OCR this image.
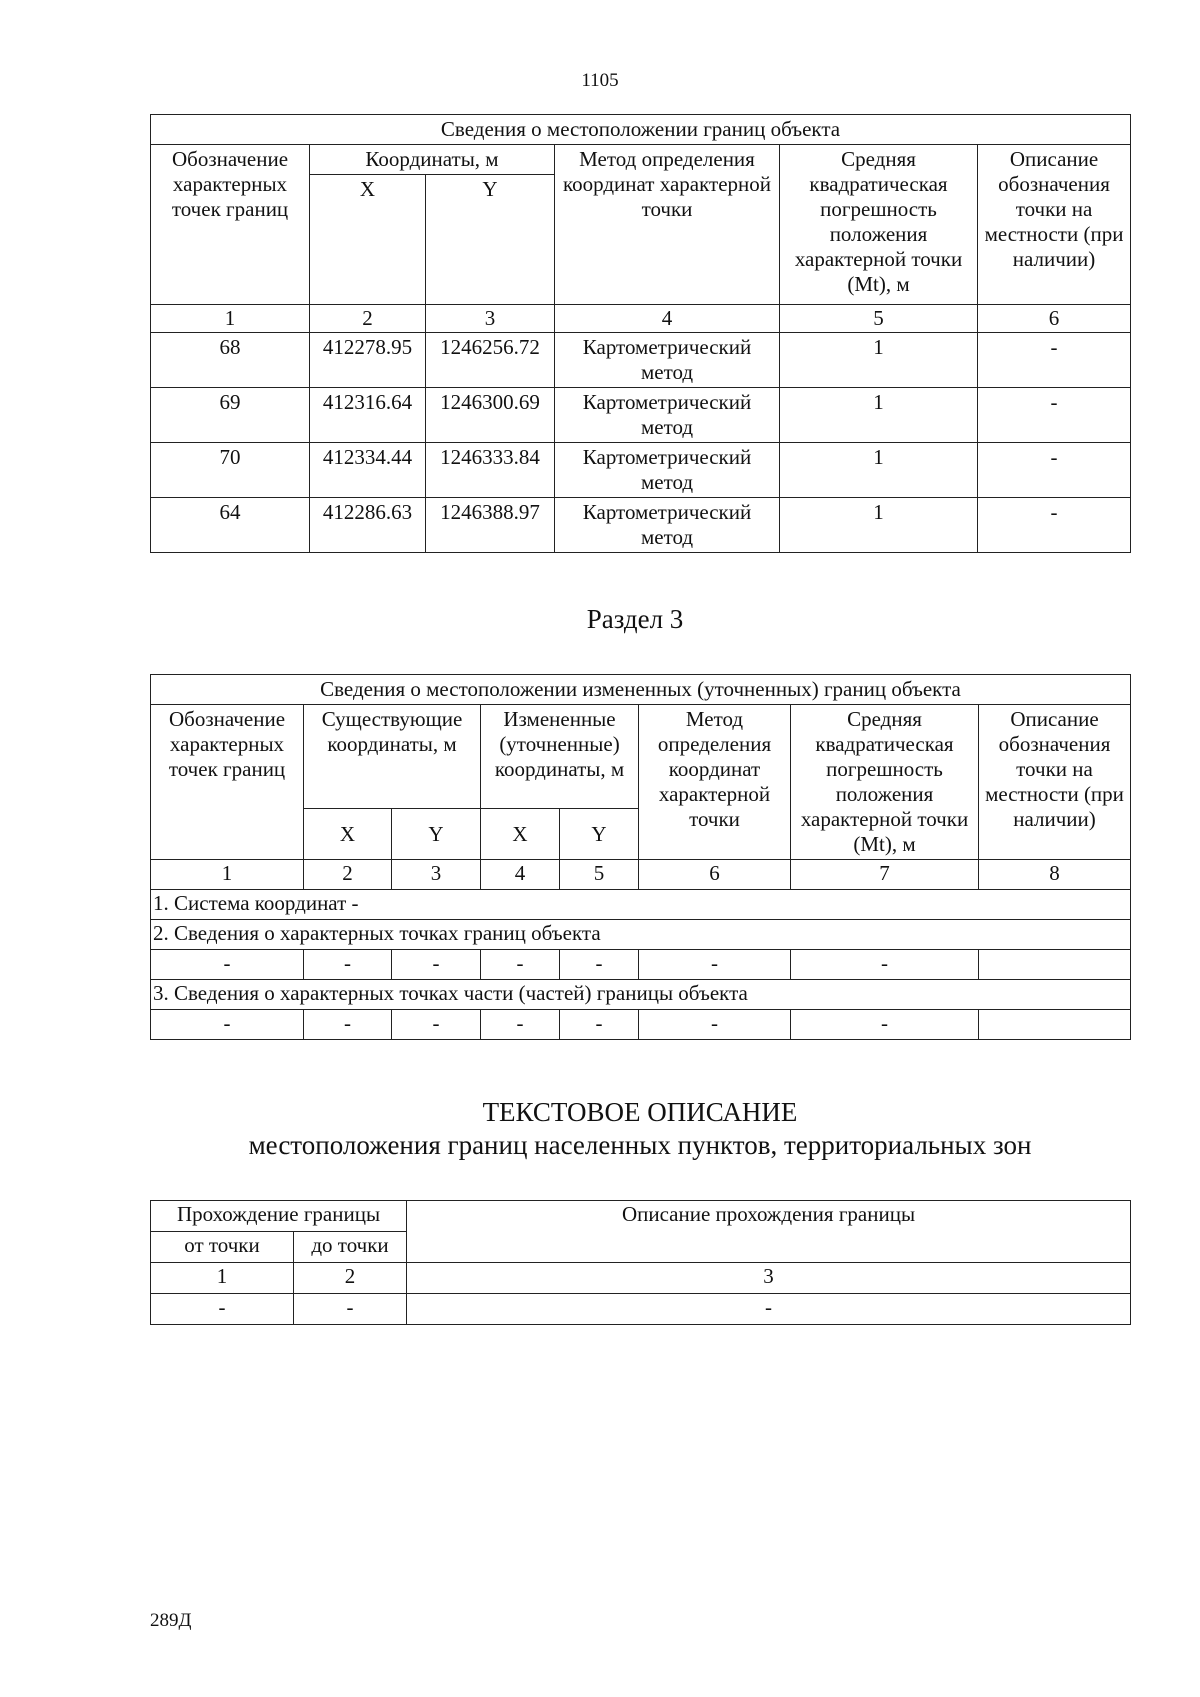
1105
Сведения о местоположении границ объекта					
Обозначение характерных точек границ	Координаты, м		Метод определения координат характерной точки	Средняя квадратическая погрешность положения характерной точки (Mt), м	Описание обозначения точки на местности (при наличии)
	X	Y			
1	2	3	4	5	6
68	412278.95	1246256.72	Картометрический метод	1	-
69	412316.64	1246300.69	Картометрический метод	1	-
70	412334.44	1246333.84	Картометрический метод	1	-
64	412286.63	1246388.97	Картометрический метод	1	-
Раздел 3
Сведения о местоположении измененных (уточненных) границ объекта							
Обозначение характерных точек границ	Существующие координаты, м		Измененные (уточненные) координаты, м		Метод определения координат характерной точки	Средняя квадратическая погрешность положения характерной точки (Mt), м	Описание обозначения точки на местности (при наличии)
	X	Y	X	Y			
1	2	3	4	5	6	7	8
1. Система координат -							
2. Сведения о характерных точках границ объекта							
-	-	-	-	-	-	-	
3. Сведения о характерных точках части (частей) границы объекта							
-	-	-	-	-	-	-	
ТЕКСТОВОЕ ОПИСАНИЕ
местоположения границ населенных пунктов, территориальных зон
Прохождение границы		Описание прохождения границы
от точки	до точки	
1	2	3
-	-	-
289Д
